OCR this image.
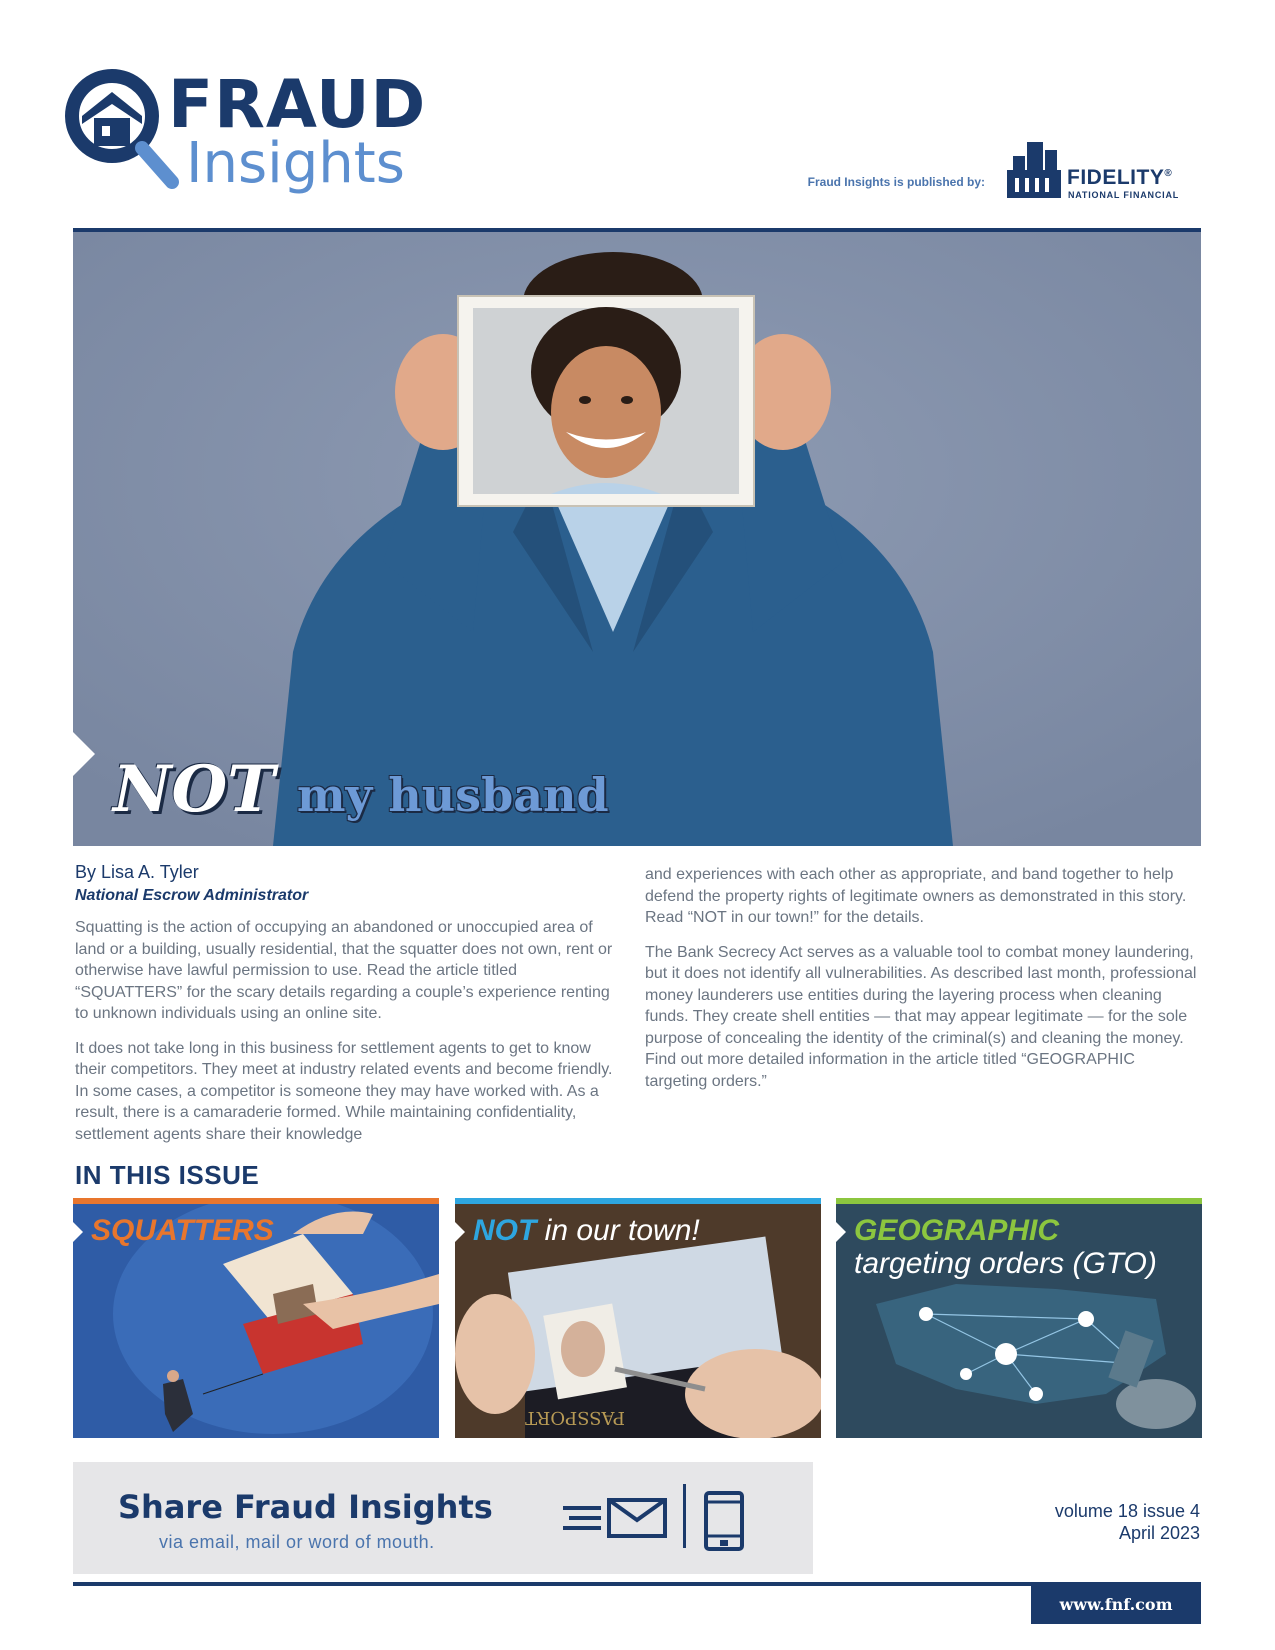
FRAUD
Insights	Fraud Insights is published by:	FIDELITY®
NATIONAL FINANCIAL
NOT my husband
By Lisa A. Tyler
National Escrow Administrator

Squatting is the action of occupying an abandoned or unoccupied area of land or a building, usually residential, that the squatter does not own, rent or otherwise have lawful permission to use. Read the article titled “SQUATTERS” for the scary details regarding a couple’s experience renting to unknown individuals using an online site.

It does not take long in this business for settlement agents to get to know their competitors. They meet at industry related events and become friendly. In some cases, a competitor is someone they may have worked with. As a result, there is a camaraderie formed. While maintaining confidentiality, settlement agents share their knowledge

and experiences with each other as appropriate, and band together to help defend the property rights of legitimate owners as demonstrated in this story. Read “NOT in our town!” for the details.

The Bank Secrecy Act serves as a valuable tool to combat money laundering, but it does not identify all vulnerabilities. As described last month, professional money launderers use entities during the layering process when cleaning funds. They create shell entities — that may appear legitimate — for the sole purpose of concealing the identity of the criminal(s) and cleaning the money. Find out more detailed information in the article titled “GEOGRAPHIC targeting orders.”

IN THIS ISSUE
SQUATTERS
PASSPORT
NOT in our town!	GEOGRAPHIC
targeting orders (GTO)
Share Fraud Insights
via email, mail or word of mouth.
volume 18 issue 4
April 2023
www.fnf.com
